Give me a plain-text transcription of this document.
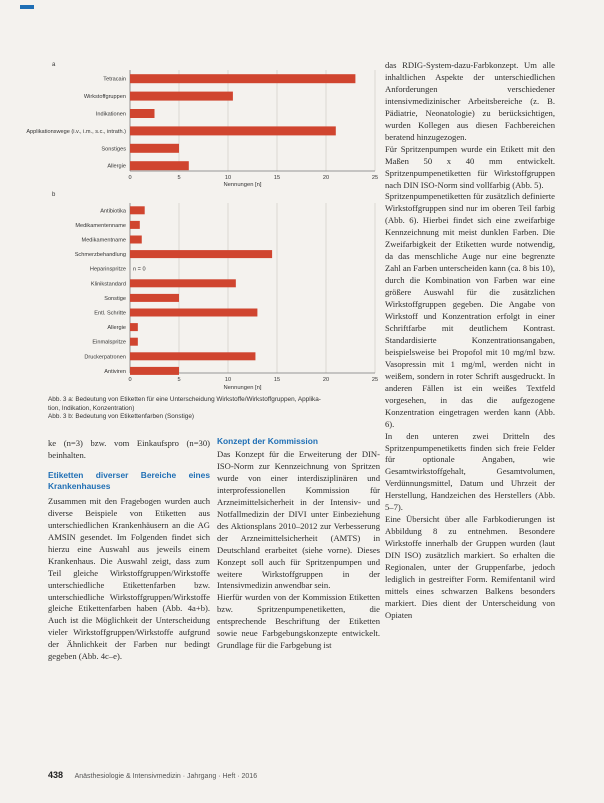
a
0	5	10	15	20	25
Tetracain
Wirkstoffgruppen
Indikationen
Applikationswege (i.v., i.m., s.c., intrath.)
Sonstiges
Allergie
Nennungen [n]
b
0	5	10	15	20	25
Antibiotika
Medikamentenname
Medikamentname
Schmerzbehandlung
Heparinspritze n = 0
Klinikstandard
Sonstige
Entl. Schritte
Allergie
Einmalspritze
Druckerpatronen
Antiviren
Nennungen [n]
Abb. 3 a: Bedeutung von Etiketten für eine Unterscheidung Wirkstoffe/Wirkstoffgruppen, Applika-
tion, Indikation, Konzentration)
Abb. 3 b: Bedeutung von Etikettenfarben (Sonstige)

ke (n=3) bzw. vom Einkaufspro (n=30) beinhalten.

Etiketten diverser Bereiche eines Krankenhauses

Zusammen mit den Fragebogen wurden auch diverse Beispiele von Etiketten aus unterschiedlichen Krankenhäusern an die AG AMSIN gesendet. Im Folgenden findet sich hierzu eine Auswahl aus jeweils einem Krankenhaus. Die Auswahl zeigt, dass zum Teil gleiche Wirkstoffgruppen/Wirkstoffe unterschiedliche Etikettenfarben bzw. unterschiedliche Wirkstoffgruppen/Wirkstoffe gleiche Etikettenfarben haben (Abb. 4a+b). Auch ist die Möglichkeit der Unterscheidung vieler Wirkstoffgruppen/Wirkstoffe aufgrund der Ähnlichkeit der Farben nur bedingt gegeben (Abb. 4c–e).

Konzept der Kommission

Das Konzept für die Erweiterung der DIN-ISO-Norm zur Kennzeichnung von Spritzen wurde von einer interdisziplinären und interprofessionellen Kommission für Arzneimittelsicherheit in der Intensiv- und Notfallmedizin der DIVI unter Einbeziehung des Aktionsplans 2010–2012 zur Verbesserung der Arzneimittelsicherheit (AMTS) in Deutschland erarbeitet (siehe vorne). Dieses Konzept soll auch für Spritzenpumpen und weitere Wirkstoffgruppen in der Intensivmedizin anwendbar sein.

Hierfür wurden von der Kommission Etiketten bzw. Spritzenpumpenetiketten, die entsprechende Beschriftung der Etiketten sowie neue Farbgebungskonzepte entwickelt. Grundlage für die Farbgebung ist

das RDIG-System-dazu-Farbkonzept. Um alle inhaltlichen Aspekte der unterschiedlichen Anforderungen verschiedener intensivmedizinischer Arbeitsbereiche (z. B. Pädiatrie, Neonatologie) zu berücksichtigen, wurden Kollegen aus diesen Fachbereichen beratend hinzugezogen.

Für Spritzenpumpen wurde ein Etikett mit den Maßen 50 x 40 mm entwickelt. Spritzenpumpenetiketten für Wirkstoffgruppen nach DIN ISO-Norm sind vollfarbig (Abb. 5).

Spritzenpumpenetiketten für zusätzlich definierte Wirkstoffgruppen sind nur im oberen Teil farbig (Abb. 6). Hierbei findet sich eine zweifarbige Kennzeichnung mit meist dunklen Farben. Die Zweifarbigkeit der Etiketten wurde notwendig, da das menschliche Auge nur eine begrenzte Zahl an Farben unterscheiden kann (ca. 8 bis 10), durch die Kombination von Farben war eine größere Auswahl für die zusätzlichen Wirkstoffgruppen gegeben. Die Angabe von Wirkstoff und Konzentration erfolgt in einer Schriftfarbe mit deutlichem Kontrast. Standardisierte Konzentrationsangaben, beispielsweise bei Propofol mit 10 mg/ml bzw. Vasopressin mit 1 mg/ml, werden nicht in weißem, sondern in roter Schrift ausgedruckt. In anderen Fällen ist ein weißes Textfeld vorgesehen, in das die aufgezogene Konzentration eingetragen werden kann (Abb. 6).

In den unteren zwei Dritteln des Spritzenpumpenetiketts finden sich freie Felder für optionale Angaben, wie Gesamtwirkstoffgehalt, Gesamtvolumen, Verdünnungsmittel, Datum und Uhrzeit der Herstellung, Handzeichen des Herstellers (Abb. 5–7).

Eine Übersicht über alle Farbkodierungen ist Abbildung 8 zu entnehmen. Besondere Wirkstoffe innerhalb der Gruppen wurden (laut DIN ISO) zusätzlich markiert. So erhalten die Regionalen, unter der Gruppenfarbe, jedoch lediglich in gestreifter Form. Remifentanil wird mittels eines schwarzen Balkens besonders markiert. Dies dient der Unterscheidung von Opiaten

438 Anästhesiologie & Intensivmedizin · Jahrgang · Heft · 2016
